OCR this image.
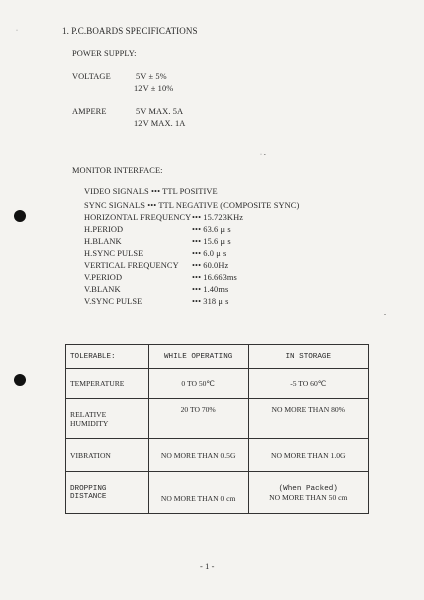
·
· -
-
1. P.C.BOARDS SPECIFICATIONS
POWER SUPPLY:
VOLTAGE	5V ± 5%
12V ± 10%
AMPERE	5V MAX. 5A
12V MAX. 1A
MONITOR INTERFACE:
VIDEO SIGNALS ••• TTL POSITIVE
SYNC SIGNALS ••• TTL NEGATIVE (COMPOSITE SYNC)
HORIZONTAL FREQUENCY ••• 15.723KHz
H.PERIOD	••• 63.6 μ s
H.BLANK	••• 15.6 μ s
H.SYNC PULSE	••• 6.0 μ s
VERTICAL FREQUENCY ••• 60.0Hz
V.PERIOD	••• 16.663ms
V.BLANK	••• 1.40ms
V.SYNC PULSE	••• 318 μ s
TOLERABLE:	WHILE OPERATING	IN STORAGE
TEMPERATURE	0 TO 50℃	-5 TO 60℃
RELATIVE
HUMIDITY	20 TO 70%	NO MORE THAN 80%
VIBRATION	NO MORE THAN 0.5G	NO MORE THAN 1.0G
DROPPING
DISTANCE	NO MORE THAN 0 cm	(When Packed)
NO MORE THAN 50 cm
- 1 -
